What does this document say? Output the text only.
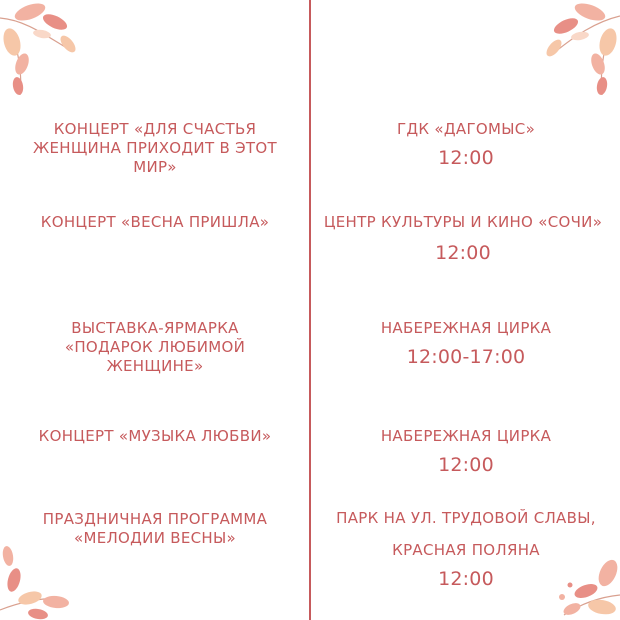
КОНЦЕРТ «ДЛЯ СЧАСТЬЯ ЖЕНЩИНА ПРИХОДИТ В ЭТОТ МИР»
ГДК «ДАГОМЫС»
12:00
КОНЦЕРТ «ВЕСНА ПРИШЛА»	ЦЕНТР КУЛЬТУРЫ И КИНО «СОЧИ»
12:00
ВЫСТАВКА-ЯРМАРКА «ПОДАРОК ЛЮБИМОЙ ЖЕНЩИНЕ»
НАБЕРЕЖНАЯ ЦИРКА
12:00-17:00
КОНЦЕРТ «МУЗЫКА ЛЮБВИ»	НАБЕРЕЖНАЯ ЦИРКА
12:00
ПРАЗДНИЧНАЯ ПРОГРАММА «МЕЛОДИИ ВЕСНЫ»
ПАРК НА УЛ. ТРУДОВОЙ СЛАВЫ, КРАСНАЯ ПОЛЯНА
12:00
